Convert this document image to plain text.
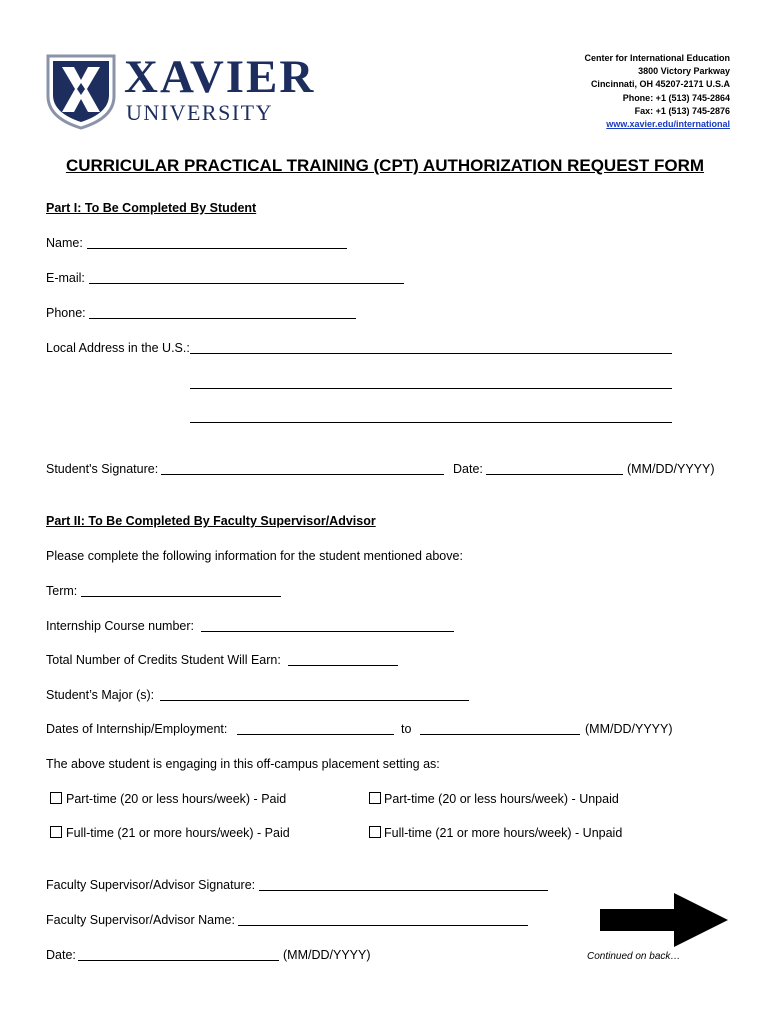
XAVIER
UNIVERSITY
Center for International Education
3800 Victory Parkway
Cincinnati, OH 45207-2171 U.S.A
Phone: +1 (513) 745-2864
Fax: +1 (513) 745-2876
www.xavier.edu/international
CURRICULAR PRACTICAL TRAINING (CPT) AUTHORIZATION REQUEST FORM
Part I: To Be Completed By Student
Name:
E-mail:
Phone:
Local Address in the U.S.:
Student's Signature:	Date:	(MM/DD/YYYY)
Part II: To Be Completed By Faculty Supervisor/Advisor
Please complete the following information for the student mentioned above:
Term:
Internship Course number:
Total Number of Credits Student Will Earn:
Student’s Major (s):
Dates of Internship/Employment:	to	(MM/DD/YYYY)
The above student is engaging in this off-campus placement setting as:
Part-time (20 or less hours/week) - Paid	Part-time (20 or less hours/week) - Unpaid
Full-time (21 or more hours/week) - Paid	Full-time (21 or more hours/week) - Unpaid
Faculty Supervisor/Advisor Signature:
Faculty Supervisor/Advisor Name:
Date:	(MM/DD/YYYY)	Continued on back…
